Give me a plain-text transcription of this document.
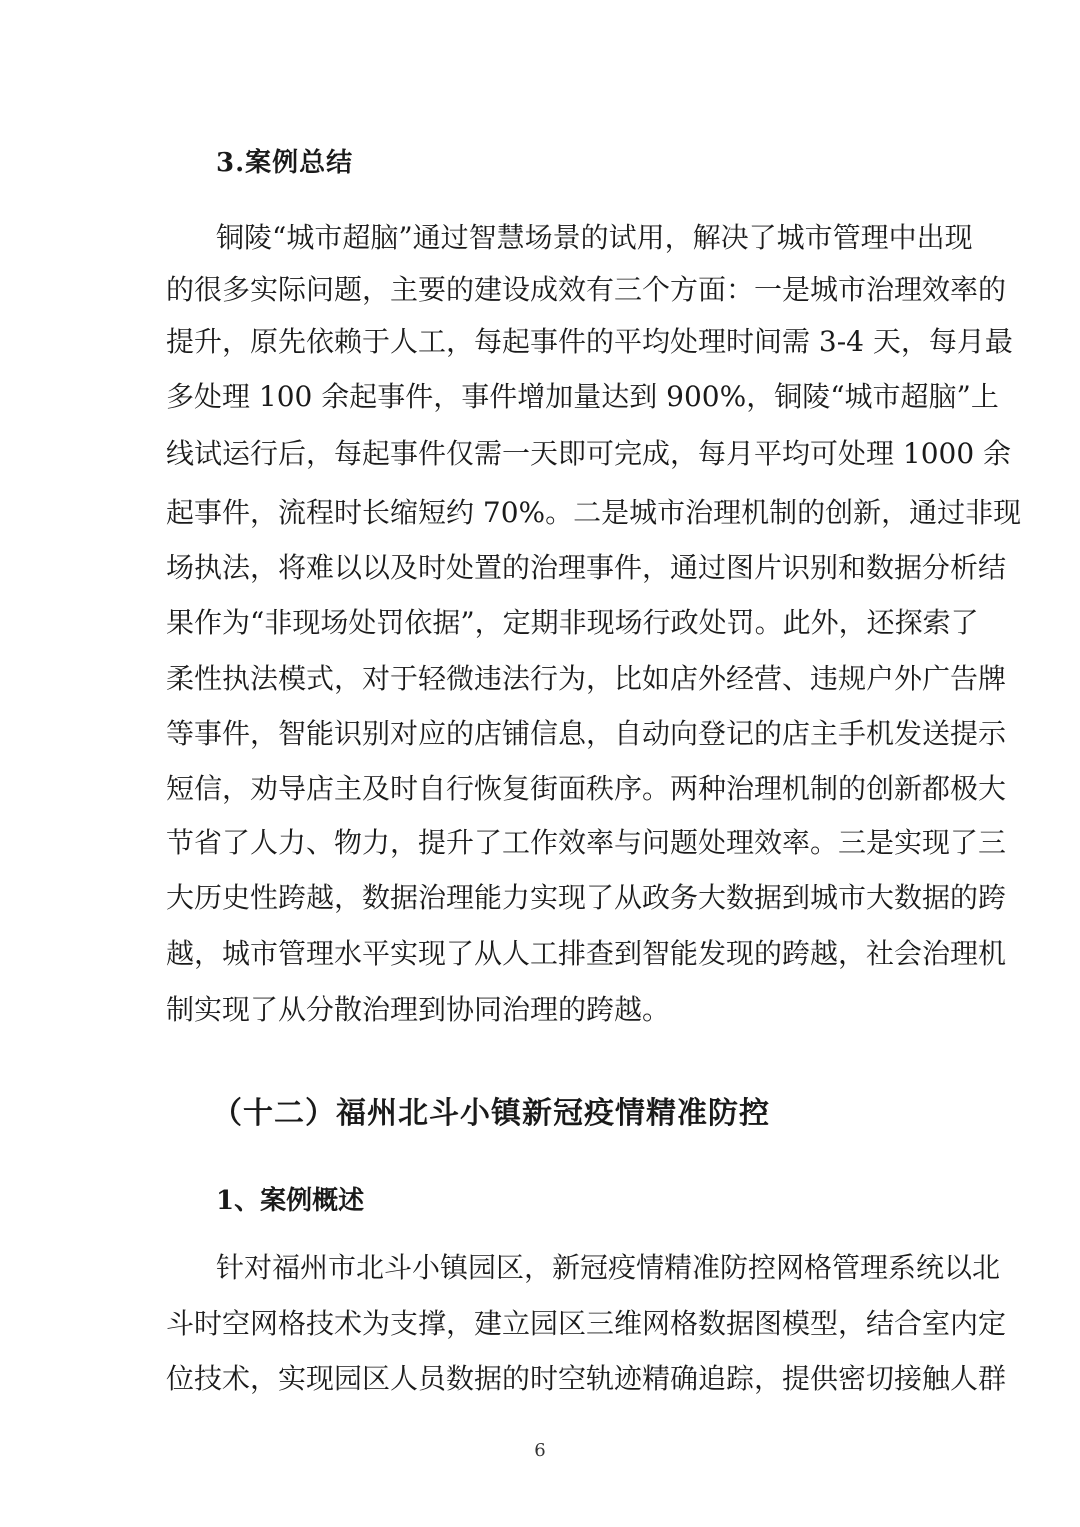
3.案例总结
铜陵“城市超脑”通过智慧场景的试用，解决了城市管理中出现
的很多实际问题，主要的建设成效有三个方面：一是城市治理效率的
提升，原先依赖于人工，每起事件的平均处理时间需 3-4 天，每月最
多处理 100 余起事件，事件增加量达到 900%，铜陵“城市超脑”上
线试运行后，每起事件仅需一天即可完成，每月平均可处理 1000 余
起事件，流程时长缩短约 70%。二是城市治理机制的创新，通过非现
场执法，将难以以及时处置的治理事件，通过图片识别和数据分析结
果作为“非现场处罚依据”，定期非现场行政处罚。此外，还探索了
柔性执法模式，对于轻微违法行为，比如店外经营、违规户外广告牌
等事件，智能识别对应的店铺信息，自动向登记的店主手机发送提示
短信，劝导店主及时自行恢复街面秩序。两种治理机制的创新都极大
节省了人力、物力，提升了工作效率与问题处理效率。三是实现了三
大历史性跨越，数据治理能力实现了从政务大数据到城市大数据的跨
越，城市管理水平实现了从人工排查到智能发现的跨越，社会治理机
制实现了从分散治理到协同治理的跨越。
（十二）福州北斗小镇新冠疫情精准防控
1、案例概述
针对福州市北斗小镇园区，新冠疫情精准防控网格管理系统以北
斗时空网格技术为支撑，建立园区三维网格数据图模型，结合室内定
位技术，实现园区人员数据的时空轨迹精确追踪，提供密切接触人群
6
